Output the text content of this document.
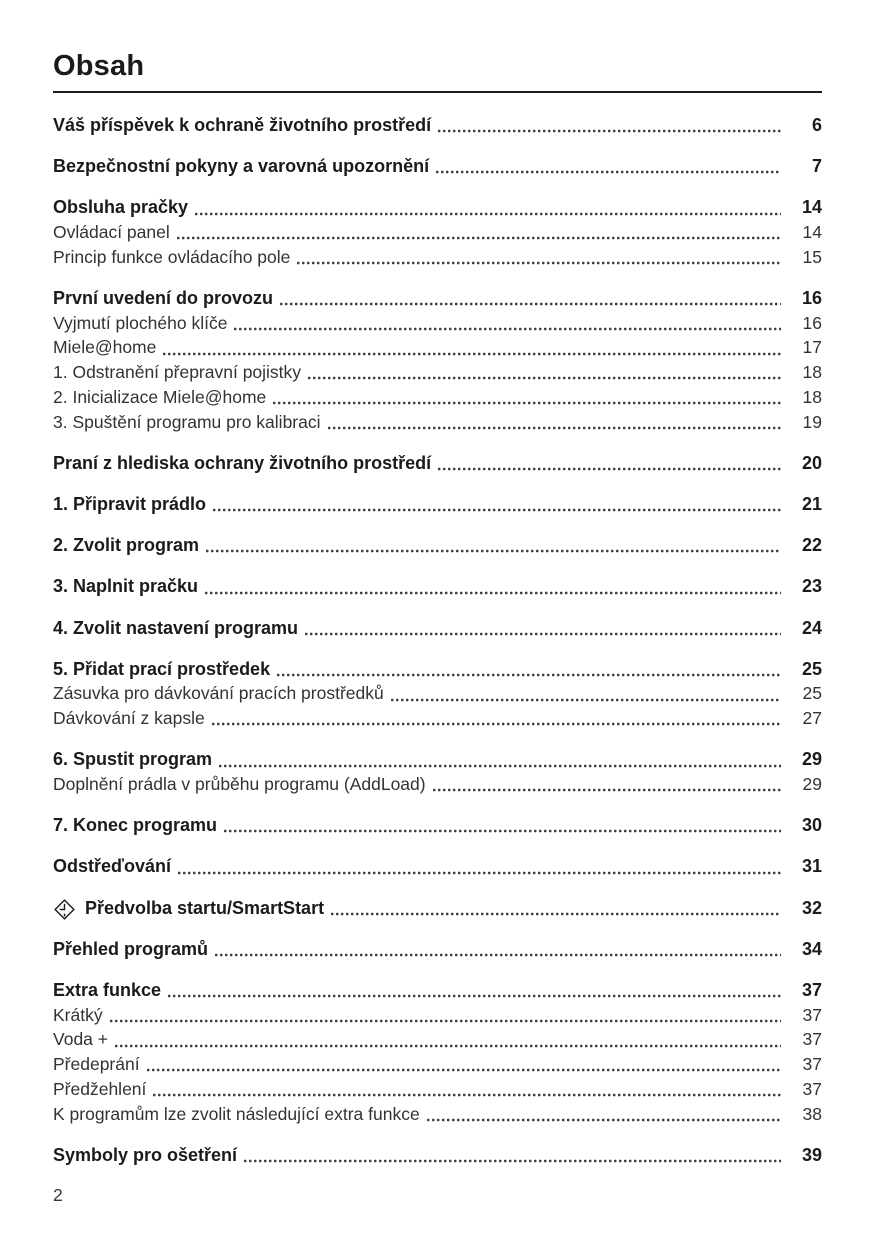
Obsah
Váš příspěvek k ochraně životního prostředí	6
Bezpečnostní pokyny a varovná upozornění	7
Obsluha pračky	14
Ovládací panel	14
Princip funkce ovládacího pole	15
První uvedení do provozu	16
Vyjmutí plochého klíče	16
Miele@home	17
1. Odstranění přepravní pojistky	18
2. Inicializace Miele@home	18
3. Spuštění programu pro kalibraci	19
Praní z hlediska ochrany životního prostředí	20
1. Připravit prádlo	21
2. Zvolit program	22
3. Naplnit pračku	23
4. Zvolit nastavení programu	24
5. Přidat prací prostředek	25
Zásuvka pro dávkování pracích prostředků	25
Dávkování z kapsle	27
6. Spustit program	29
Doplnění prádla v průběhu programu (AddLoad)	29
7. Konec programu	30
Odstřeďování	31
Předvolba startu/SmartStart	32
Přehled programů	34
Extra funkce	37
Krátký	37
Voda +	37
Předeprání	37
Předžehlení	37
K programům lze zvolit následující extra funkce	38
Symboly pro ošetření	39
2
